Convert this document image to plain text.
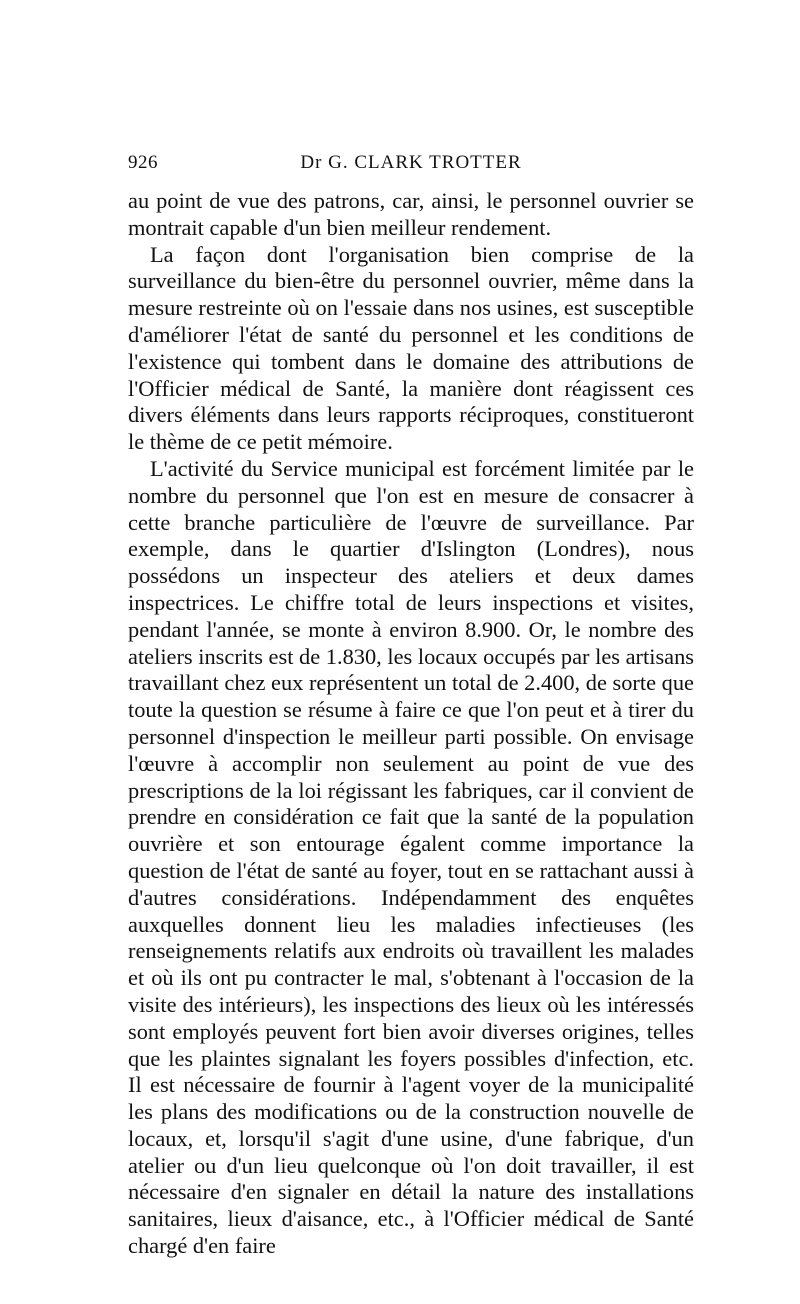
926	Dr G. CLARK TROTTER

au point de vue des patrons, car, ainsi, le personnel ouvrier se montrait capable d'un bien meilleur rendement.

La façon dont l'organisation bien comprise de la surveillance du bien-être du personnel ouvrier, même dans la mesure restreinte où on l'essaie dans nos usines, est susceptible d'améliorer l'état de santé du personnel et les conditions de l'existence qui tombent dans le domaine des attributions de l'Officier médical de Santé, la manière dont réagissent ces divers éléments dans leurs rapports réciproques, constitueront le thème de ce petit mémoire.

L'activité du Service municipal est forcément limitée par le nombre du personnel que l'on est en mesure de consacrer à cette branche particulière de l'œuvre de surveillance. Par exemple, dans le quartier d'Islington (Londres), nous possédons un inspecteur des ateliers et deux dames inspectrices. Le chiffre total de leurs inspections et visites, pendant l'année, se monte à environ 8.900. Or, le nombre des ateliers inscrits est de 1.830, les locaux occupés par les artisans travaillant chez eux représentent un total de 2.400, de sorte que toute la question se résume à faire ce que l'on peut et à tirer du personnel d'inspection le meilleur parti possible. On envisage l'œuvre à accomplir non seulement au point de vue des prescriptions de la loi régissant les fabriques, car il convient de prendre en considération ce fait que la santé de la population ouvrière et son entourage égalent comme importance la question de l'état de santé au foyer, tout en se rattachant aussi à d'autres considérations. Indépendamment des enquêtes auxquelles donnent lieu les maladies infectieuses (les renseignements relatifs aux endroits où travaillent les malades et où ils ont pu contracter le mal, s'obtenant à l'occasion de la visite des intérieurs), les inspections des lieux où les intéressés sont employés peuvent fort bien avoir diverses origines, telles que les plaintes signalant les foyers possibles d'infection, etc. Il est nécessaire de fournir à l'agent voyer de la municipalité les plans des modifications ou de la construction nouvelle de locaux, et, lorsqu'il s'agit d'une usine, d'une fabrique, d'un atelier ou d'un lieu quelconque où l'on doit travailler, il est nécessaire d'en signaler en détail la nature des installations sanitaires, lieux d'aisance, etc., à l'Officier médical de Santé chargé d'en faire
